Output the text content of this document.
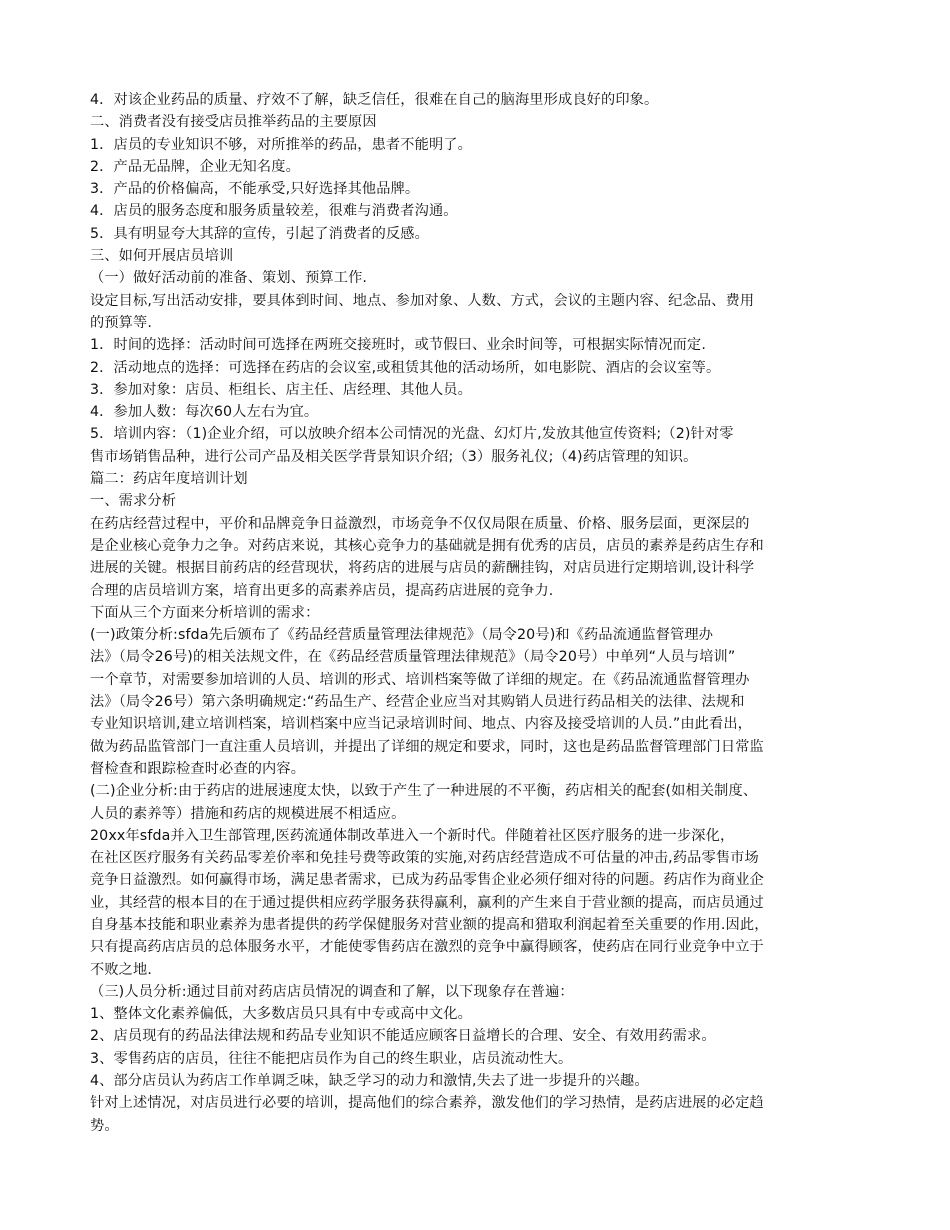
4．对该企业药品的质量、疗效不了解，缺乏信任，很难在自己的脑海里形成良好的印象。
二、消费者没有接受店员推举药品的主要原因
1．店员的专业知识不够，对所推举的药品，患者不能明了。
2．产品无品牌，企业无知名度。
3．产品的价格偏高，不能承受,只好选择其他品牌。
4．店员的服务态度和服务质量较差，很难与消费者沟通。
5．具有明显夸大其辞的宣传，引起了消费者的反感。
三、如何开展店员培训
（一）做好活动前的准备、策划、预算工作.
设定目标,写出活动安排，要具体到时间、地点、参加对象、人数、方式，会议的主题内容、纪念品、费用
的预算等.
1．时间的选择：活动时间可选择在两班交接班时，或节假曰、业余时间等，可根据实际情况而定.
2．活动地点的选择：可选择在药店的会议室,或租赁其他的活动场所，如电影院、酒店的会议室等。
3．参加对象：店员、柜组长、店主任、店经理、其他人员。
4．参加人数：每次60人左右为宜。
5．培训内容：（1)企业介绍，可以放映介绍本公司情况的光盘、幻灯片,发放其他宣传资料;（2)针对零
售市场销售品种，进行公司产品及相关医学背景知识介绍;（3）服务礼仪;（4)药店管理的知识。
篇二：药店年度培训计划
一、需求分析
在药店经营过程中，平价和品牌竞争日益激烈，市场竞争不仅仅局限在质量、价格、服务层面，更深层的
是企业核心竞争力之争。对药店来说，其核心竞争力的基础就是拥有优秀的店员，店员的素养是药店生存和
进展的关键。根据目前药店的经营现状，将药店的进展与店员的薪酬挂钩，对店员进行定期培训,设计科学
合理的店员培训方案，培育出更多的高素养店员，提高药店进展的竞争力.
下面从三个方面来分析培训的需求：
(一)政策分析:sfda先后颁布了《药品经营质量管理法律规范》（局令20号)和《药品流通监督管理办
法》（局令26号)的相关法规文件，在《药品经营质量管理法律规范》（局令20号）中单列“人员与培训”
一个章节，对需要参加培训的人员、培训的形式、培训档案等做了详细的规定。在《药品流通监督管理办
法》（局令26号）第六条明确规定:“药品生产、经营企业应当对其购销人员进行药品相关的法律、法规和
专业知识培训,建立培训档案，培训档案中应当记录培训时间、地点、内容及接受培训的人员.”由此看出，
做为药品监管部门一直注重人员培训，并提出了详细的规定和要求，同时，这也是药品监督管理部门日常监
督检查和跟踪检查时必查的内容。
(二)企业分析:由于药店的进展速度太快，以致于产生了一种进展的不平衡，药店相关的配套(如相关制度、
人员的素养等）措施和药店的规模进展不相适应。
20xx年sfda并入卫生部管理,医药流通体制改革进入一个新时代。伴随着社区医疗服务的进一步深化，
在社区医疗服务有关药品零差价率和免挂号费等政策的实施,对药店经营造成不可估量的冲击,药品零售市场
竞争日益激烈。如何赢得市场，满足患者需求，已成为药品零售企业必须仔细对待的问题。药店作为商业企
业，其经营的根本目的在于通过提供相应药学服务获得赢利，赢利的产生来自于营业额的提高，而店员通过
自身基本技能和职业素养为患者提供的药学保健服务对营业额的提高和猎取利润起着至关重要的作用.因此，
只有提高药店店员的总体服务水平，才能使零售药店在激烈的竞争中赢得顾客，使药店在同行业竞争中立于
不败之地.
（三)人员分析:通过目前对药店店员情况的调查和了解，以下现象存在普遍：
1、整体文化素养偏低，大多数店员只具有中专或高中文化。
2、店员现有的药品法律法规和药品专业知识不能适应顾客日益增长的合理、安全、有效用药需求。
3、零售药店的店员，往往不能把店员作为自己的终生职业，店员流动性大。
4、部分店员认为药店工作单调乏味，缺乏学习的动力和激情,失去了进一步提升的兴趣。
针对上述情况，对店员进行必要的培训，提高他们的综合素养，激发他们的学习热情，是药店进展的必定趋
势。
